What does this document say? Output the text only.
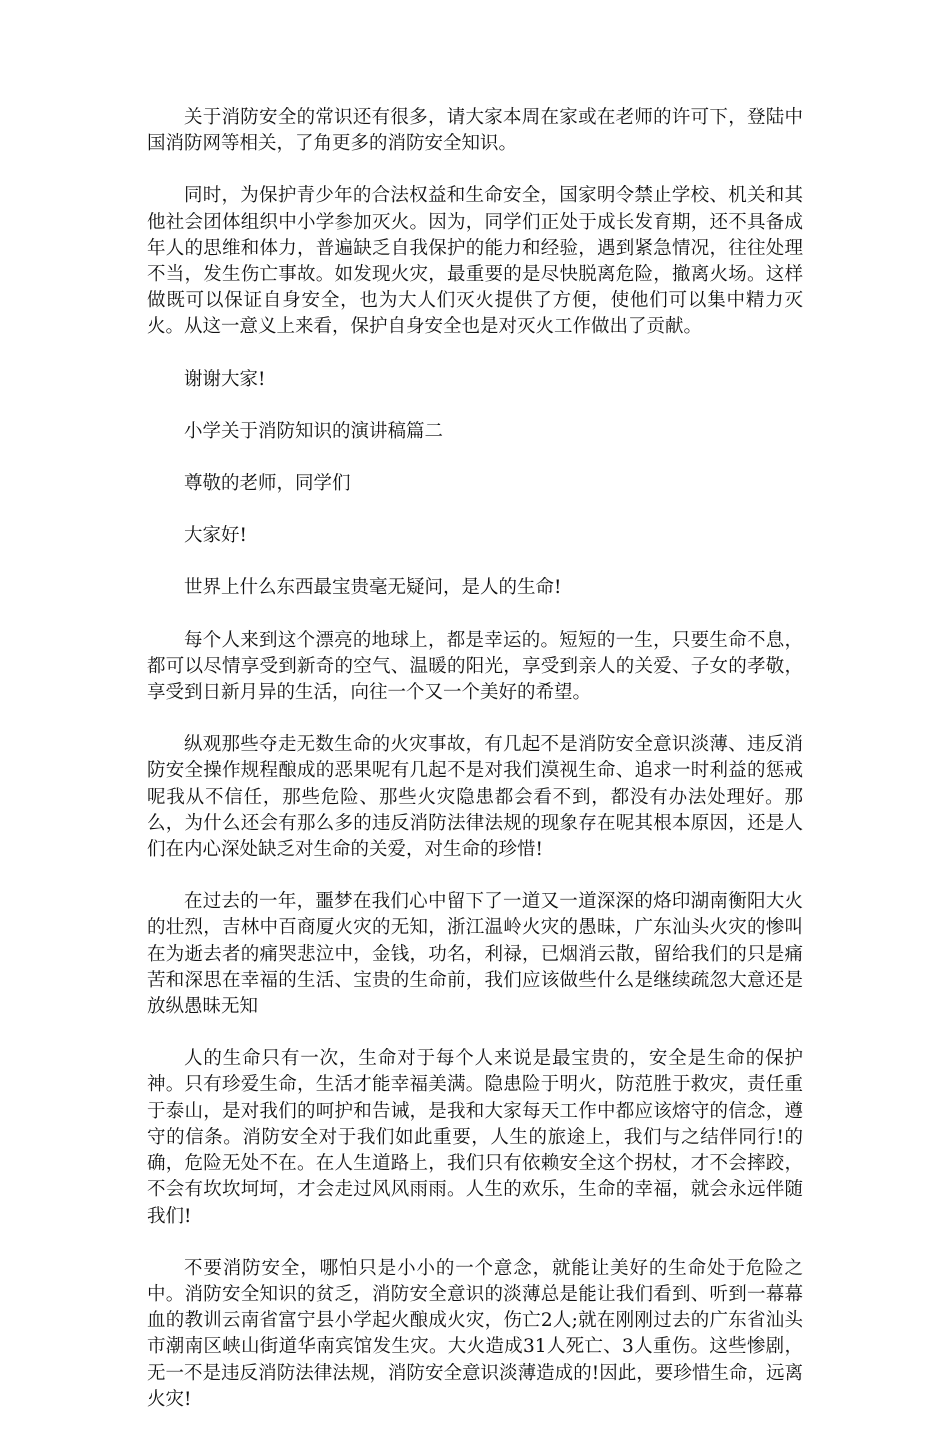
关于消防安全的常识还有很多，请大家本周在家或在老师的许可下，登陆中国消防网等相关，了角更多的消防安全知识。

同时，为保护青少年的合法权益和生命安全，国家明令禁止学校、机关和其他社会团体组织中小学参加灭火。因为，同学们正处于成长发育期，还不具备成年人的思维和体力，普遍缺乏自我保护的能力和经验，遇到紧急情况，往往处理不当，发生伤亡事故。如发现火灾，最重要的是尽快脱离危险，撤离火场。这样做既可以保证自身安全，也为大人们灭火提供了方便，使他们可以集中精力灭火。从这一意义上来看，保护自身安全也是对灭火工作做出了贡献。

谢谢大家!

小学关于消防知识的演讲稿篇二

尊敬的老师，同学们

大家好!

世界上什么东西最宝贵毫无疑问，是人的生命!

每个人来到这个漂亮的地球上，都是幸运的。短短的一生，只要生命不息，都可以尽情享受到新奇的空气、温暖的阳光，享受到亲人的关爱、子女的孝敬，享受到日新月异的生活，向往一个又一个美好的希望。

纵观那些夺走无数生命的火灾事故，有几起不是消防安全意识淡薄、违反消防安全操作规程酿成的恶果呢有几起不是对我们漠视生命、追求一时利益的惩戒呢我从不信任，那些危险、那些火灾隐患都会看不到，都没有办法处理好。那么，为什么还会有那么多的违反消防法律法规的现象存在呢其根本原因，还是人们在内心深处缺乏对生命的关爱，对生命的珍惜!

在过去的一年，噩梦在我们心中留下了一道又一道深深的烙印湖南衡阳大火的壮烈，吉林中百商厦火灾的无知，浙江温岭火灾的愚昧，广东汕头火灾的惨叫在为逝去者的痛哭悲泣中，金钱，功名，利禄，已烟消云散，留给我们的只是痛苦和深思在幸福的生活、宝贵的生命前，我们应该做些什么是继续疏忽大意还是放纵愚昧无知

人的生命只有一次，生命对于每个人来说是最宝贵的，安全是生命的保护神。只有珍爱生命，生活才能幸福美满。隐患险于明火，防范胜于救灾，责任重于泰山，是对我们的呵护和告诫，是我和大家每天工作中都应该熔守的信念，遵守的信条。消防安全对于我们如此重要，人生的旅途上，我们与之结伴同行!的确，危险无处不在。在人生道路上，我们只有依赖安全这个拐杖，才不会摔跤，不会有坎坎坷坷，才会走过风风雨雨。人生的欢乐，生命的幸福，就会永远伴随我们!

不要消防安全，哪怕只是小小的一个意念，就能让美好的生命处于危险之中。消防安全知识的贫乏，消防安全意识的淡薄总是能让我们看到、听到一幕幕血的教训云南省富宁县小学起火酿成火灾，伤亡2人;就在刚刚过去的广东省汕头市潮南区峡山街道华南宾馆发生灾。大火造成31人死亡、3人重伤。这些惨剧，无一不是违反消防法律法规，消防安全意识淡薄造成的!因此，要珍惜生命，远离火灾!
